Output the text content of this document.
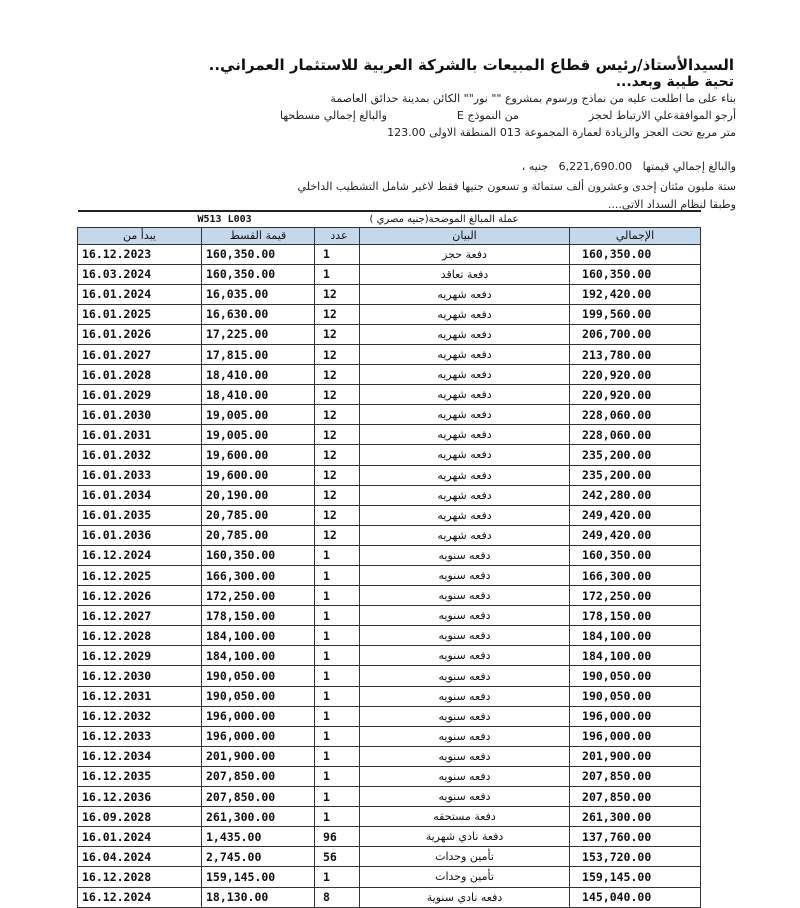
السيدالأستاذ/رئيس قطاع المبيعات بالشركة العربية للاستثمار العمراني..
تحية طيبة وبعد...
بناء على ما اطلعت عليه من نماذج ورسوم بمشروع "" نور"" الكائن بمدينة حدائق العاصمة
أرجو الموافقةعلي الارتباط لحجزمن النموذج Eوالبالغ إجمالي مسطحها
متر مربع تحت العجز والزيادة لعمارة المجموعة 013 المنطقة الاولى 123.00
والبالغ إجمالي قيمتها   6,221,690.00   جنيه ،
ستة مليون مئتان إحدى وعشرون ألف ستمائة و تسعون جنيها فقط لاغير شامل التشطيب الداخلي
وطبقا لنظام السداد الاتي....
W513 L003			عملة المبالغ الموضحة(جنيه مصري )	
يبدأ من	قيمة القسط	عدد	البيان	الإجمالي
16.12.2023	160,350.00	1	دفعة حجز	160,350.00
16.03.2024	160,350.00	1	دفعة تعاقد	160,350.00
16.01.2024	16,035.00	12	دفعه شهريه	192,420.00
16.01.2025	16,630.00	12	دفعه شهريه	199,560.00
16.01.2026	17,225.00	12	دفعه شهريه	206,700.00
16.01.2027	17,815.00	12	دفعه شهريه	213,780.00
16.01.2028	18,410.00	12	دفعه شهريه	220,920.00
16.01.2029	18,410.00	12	دفعه شهريه	220,920.00
16.01.2030	19,005.00	12	دفعه شهريه	228,060.00
16.01.2031	19,005.00	12	دفعه شهريه	228,060.00
16.01.2032	19,600.00	12	دفعه شهريه	235,200.00
16.01.2033	19,600.00	12	دفعه شهريه	235,200.00
16.01.2034	20,190.00	12	دفعه شهريه	242,280.00
16.01.2035	20,785.00	12	دفعه شهريه	249,420.00
16.01.2036	20,785.00	12	دفعه شهريه	249,420.00
16.12.2024	160,350.00	1	دفعه سنويه	160,350.00
16.12.2025	166,300.00	1	دفعه سنويه	166,300.00
16.12.2026	172,250.00	1	دفعه سنويه	172,250.00
16.12.2027	178,150.00	1	دفعه سنويه	178,150.00
16.12.2028	184,100.00	1	دفعه سنويه	184,100.00
16.12.2029	184,100.00	1	دفعه سنويه	184,100.00
16.12.2030	190,050.00	1	دفعه سنويه	190,050.00
16.12.2031	190,050.00	1	دفعه سنويه	190,050.00
16.12.2032	196,000.00	1	دفعه سنويه	196,000.00
16.12.2033	196,000.00	1	دفعه سنويه	196,000.00
16.12.2034	201,900.00	1	دفعه سنويه	201,900.00
16.12.2035	207,850.00	1	دفعه سنويه	207,850.00
16.12.2036	207,850.00	1	دفعه سنويه	207,850.00
16.09.2028	261,300.00	1	دفعة مستحقه	261,300.00
16.01.2024	1,435.00	96	دفعة نادي شهرية	137,760.00
16.04.2024	2,745.00	56	تأمين وحدات	153,720.00
16.12.2028	159,145.00	1	تأمين وحدات	159,145.00
16.12.2024	18,130.00	8	دفعه نادي سنوية	145,040.00
